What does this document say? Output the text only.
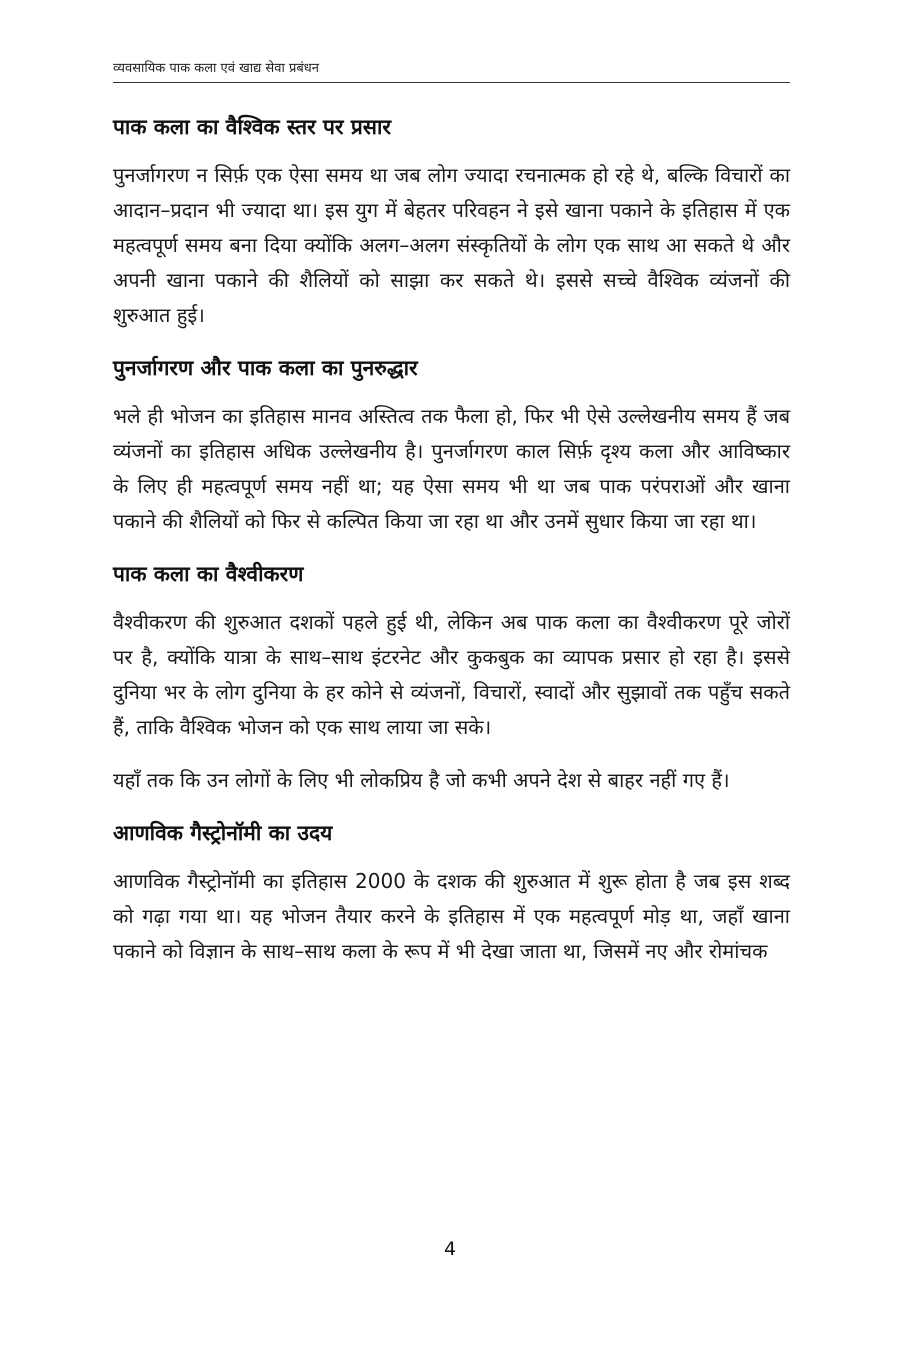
व्यवसायिक पाक कला एवं खाद्य सेवा प्रबंधन
पाक कला का वैश्विक स्तर पर प्रसार

पुनर्जागरण न सिर्फ़ एक ऐसा समय था जब लोग ज्यादा रचनात्मक हो रहे थे, बल्कि विचारों का आदान–प्रदान भी ज्यादा था। इस युग में बेहतर परिवहन ने इसे खाना पकाने के इतिहास में एक महत्वपूर्ण समय बना दिया क्योंकि अलग–अलग संस्कृतियों के लोग एक साथ आ सकते थे और अपनी खाना पकाने की शैलियों को साझा कर सकते थे। इससे सच्चे वैश्विक व्यंजनों की शुरुआत हुई।

पुनर्जागरण और पाक कला का पुनरुद्धार

भले ही भोजन का इतिहास मानव अस्तित्व तक फैला हो, फिर भी ऐसे उल्लेखनीय समय हैं जब व्यंजनों का इतिहास अधिक उल्लेखनीय है। पुनर्जागरण काल सिर्फ़ दृश्य कला और आविष्कार के लिए ही महत्वपूर्ण समय नहीं था; यह ऐसा समय भी था जब पाक परंपराओं और खाना पकाने की शैलियों को फिर से कल्पित किया जा रहा था और उनमें सुधार किया जा रहा था।

पाक कला का वैश्वीकरण

वैश्वीकरण की शुरुआत दशकों पहले हुई थी, लेकिन अब पाक कला का वैश्वीकरण पूरे जोरों पर है, क्योंकि यात्रा के साथ–साथ इंटरनेट और कुकबुक का व्यापक प्रसार हो रहा है। इससे दुनिया भर के लोग दुनिया के हर कोने से व्यंजनों, विचारों, स्वादों और सुझावों तक पहुँच सकते हैं, ताकि वैश्विक भोजन को एक साथ लाया जा सके।

यहाँ तक कि उन लोगों के लिए भी लोकप्रिय है जो कभी अपने देश से बाहर नहीं गए हैं।

आणविक गैस्ट्रोनॉमी का उदय

आणविक गैस्ट्रोनॉमी का इतिहास 2000 के दशक की शुरुआत में शुरू होता है जब इस शब्द को गढ़ा गया था। यह भोजन तैयार करने के इतिहास में एक महत्वपूर्ण मोड़ था, जहाँ खाना पकाने को विज्ञान के साथ–साथ कला के रूप में भी देखा जाता था, जिसमें नए और रोमांचक

4
